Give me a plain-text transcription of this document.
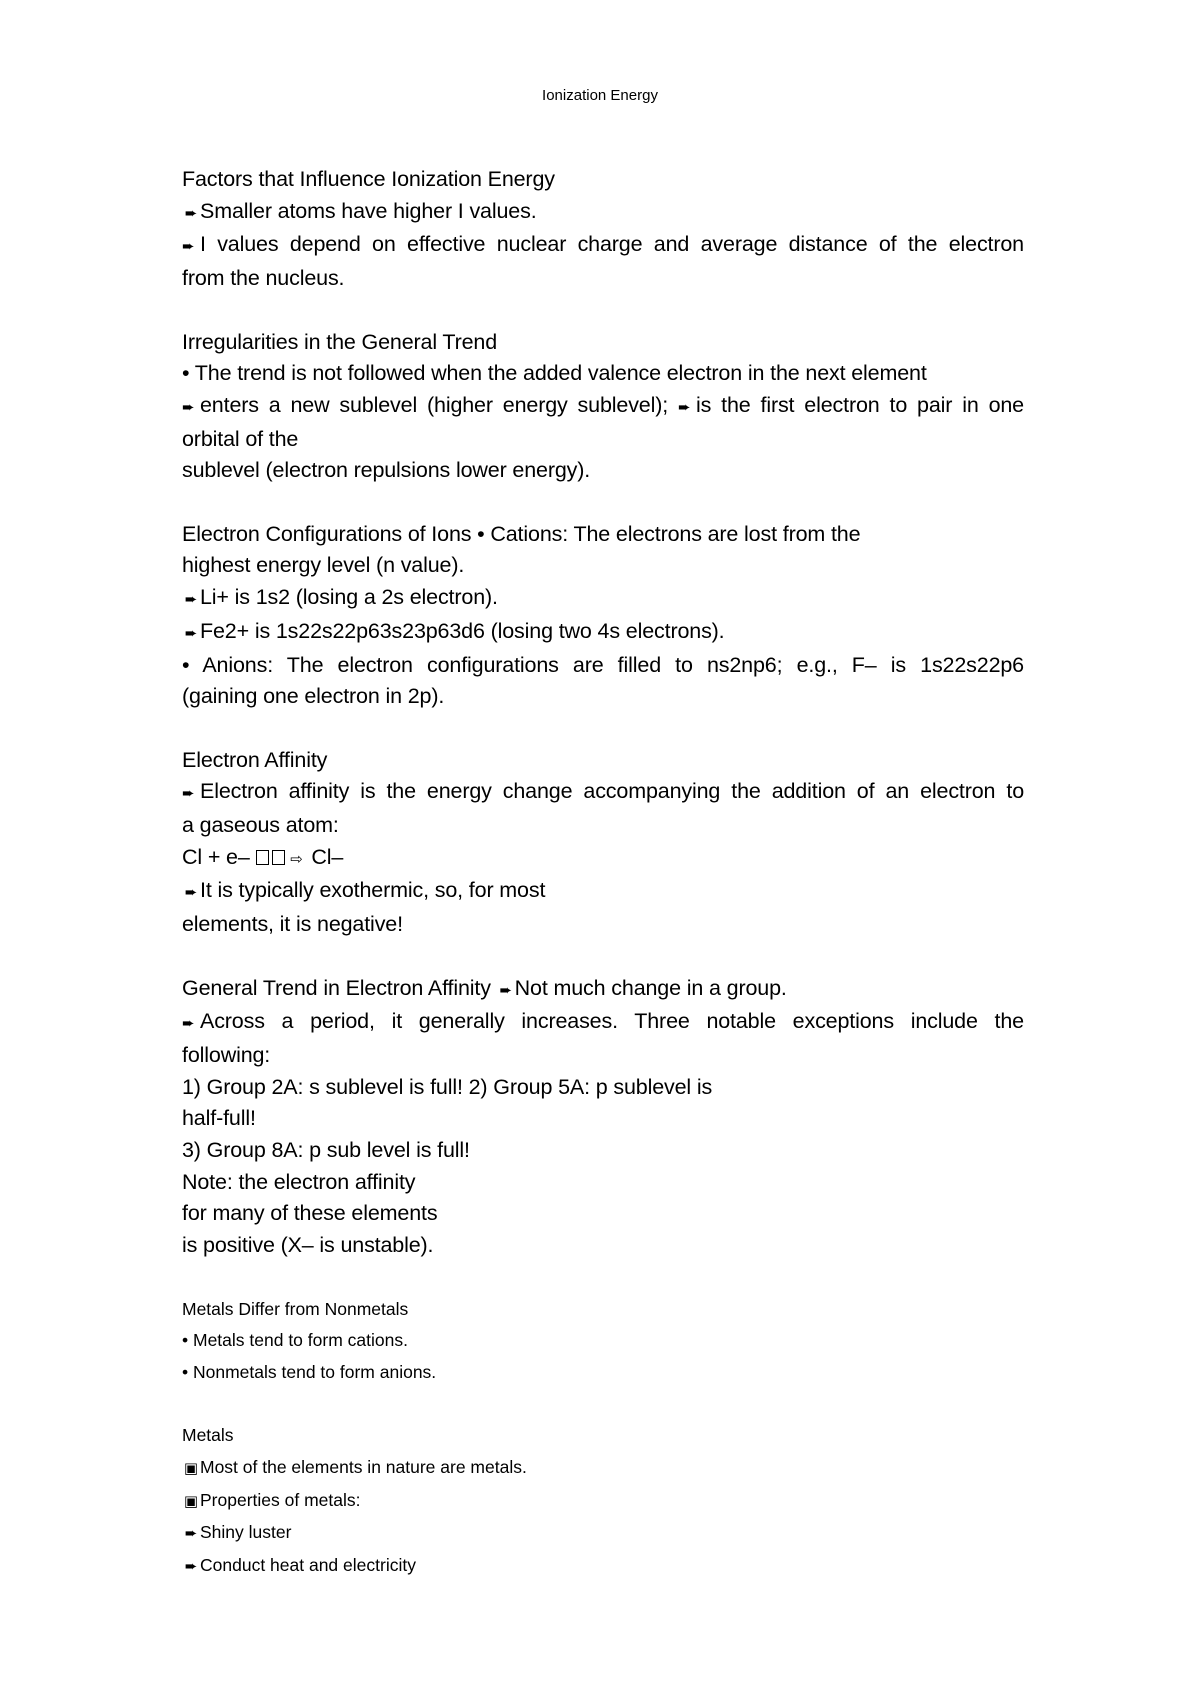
Ionization Energy
Factors that Influence Ionization Energy
➨ Smaller atoms have higher I values.
➨ I values depend on effective nuclear charge and average distance of the electron
from the nucleus.
Irregularities in the General Trend
• The trend is not followed when the added valence electron in the next element
➨ enters a new sublevel (higher energy sublevel); ➨ is the first electron to pair in one
orbital of the
sublevel (electron repulsions lower energy).
Electron Configurations of Ions • Cations: The electrons are lost from the
highest energy level (n value).
➨ Li+ is 1s2 (losing a 2s electron).
➨ Fe2+ is 1s22s22p63s23p63d6 (losing two 4s electrons).
• Anions: The electron configurations are filled to ns2np6; e.g., F– is 1s22s22p6
(gaining one electron in 2p).
Electron Affinity
➨ Electron affinity is the energy change accompanying the addition of an electron to
a gaseous atom:
Cl + e–	⇨ Cl–
➨ It is typically exothermic, so, for most
elements, it is negative!
General Trend in Electron Affinity ➨ Not much change in a group.
➨ Across a period, it generally increases. Three notable exceptions include the
following:
1) Group 2A: s sublevel is full! 2) Group 5A: p sublevel is
half-full!
3) Group 8A: p sub level is full!
Note: the electron affinity
for many of these elements
is positive (X– is unstable).
Metals Differ from Nonmetals
• Metals tend to form cations.
• Nonmetals tend to form anions.
Metals
▣ Most of the elements in nature are metals.
▣ Properties of metals:
➨ Shiny luster
➨ Conduct heat and electricity
